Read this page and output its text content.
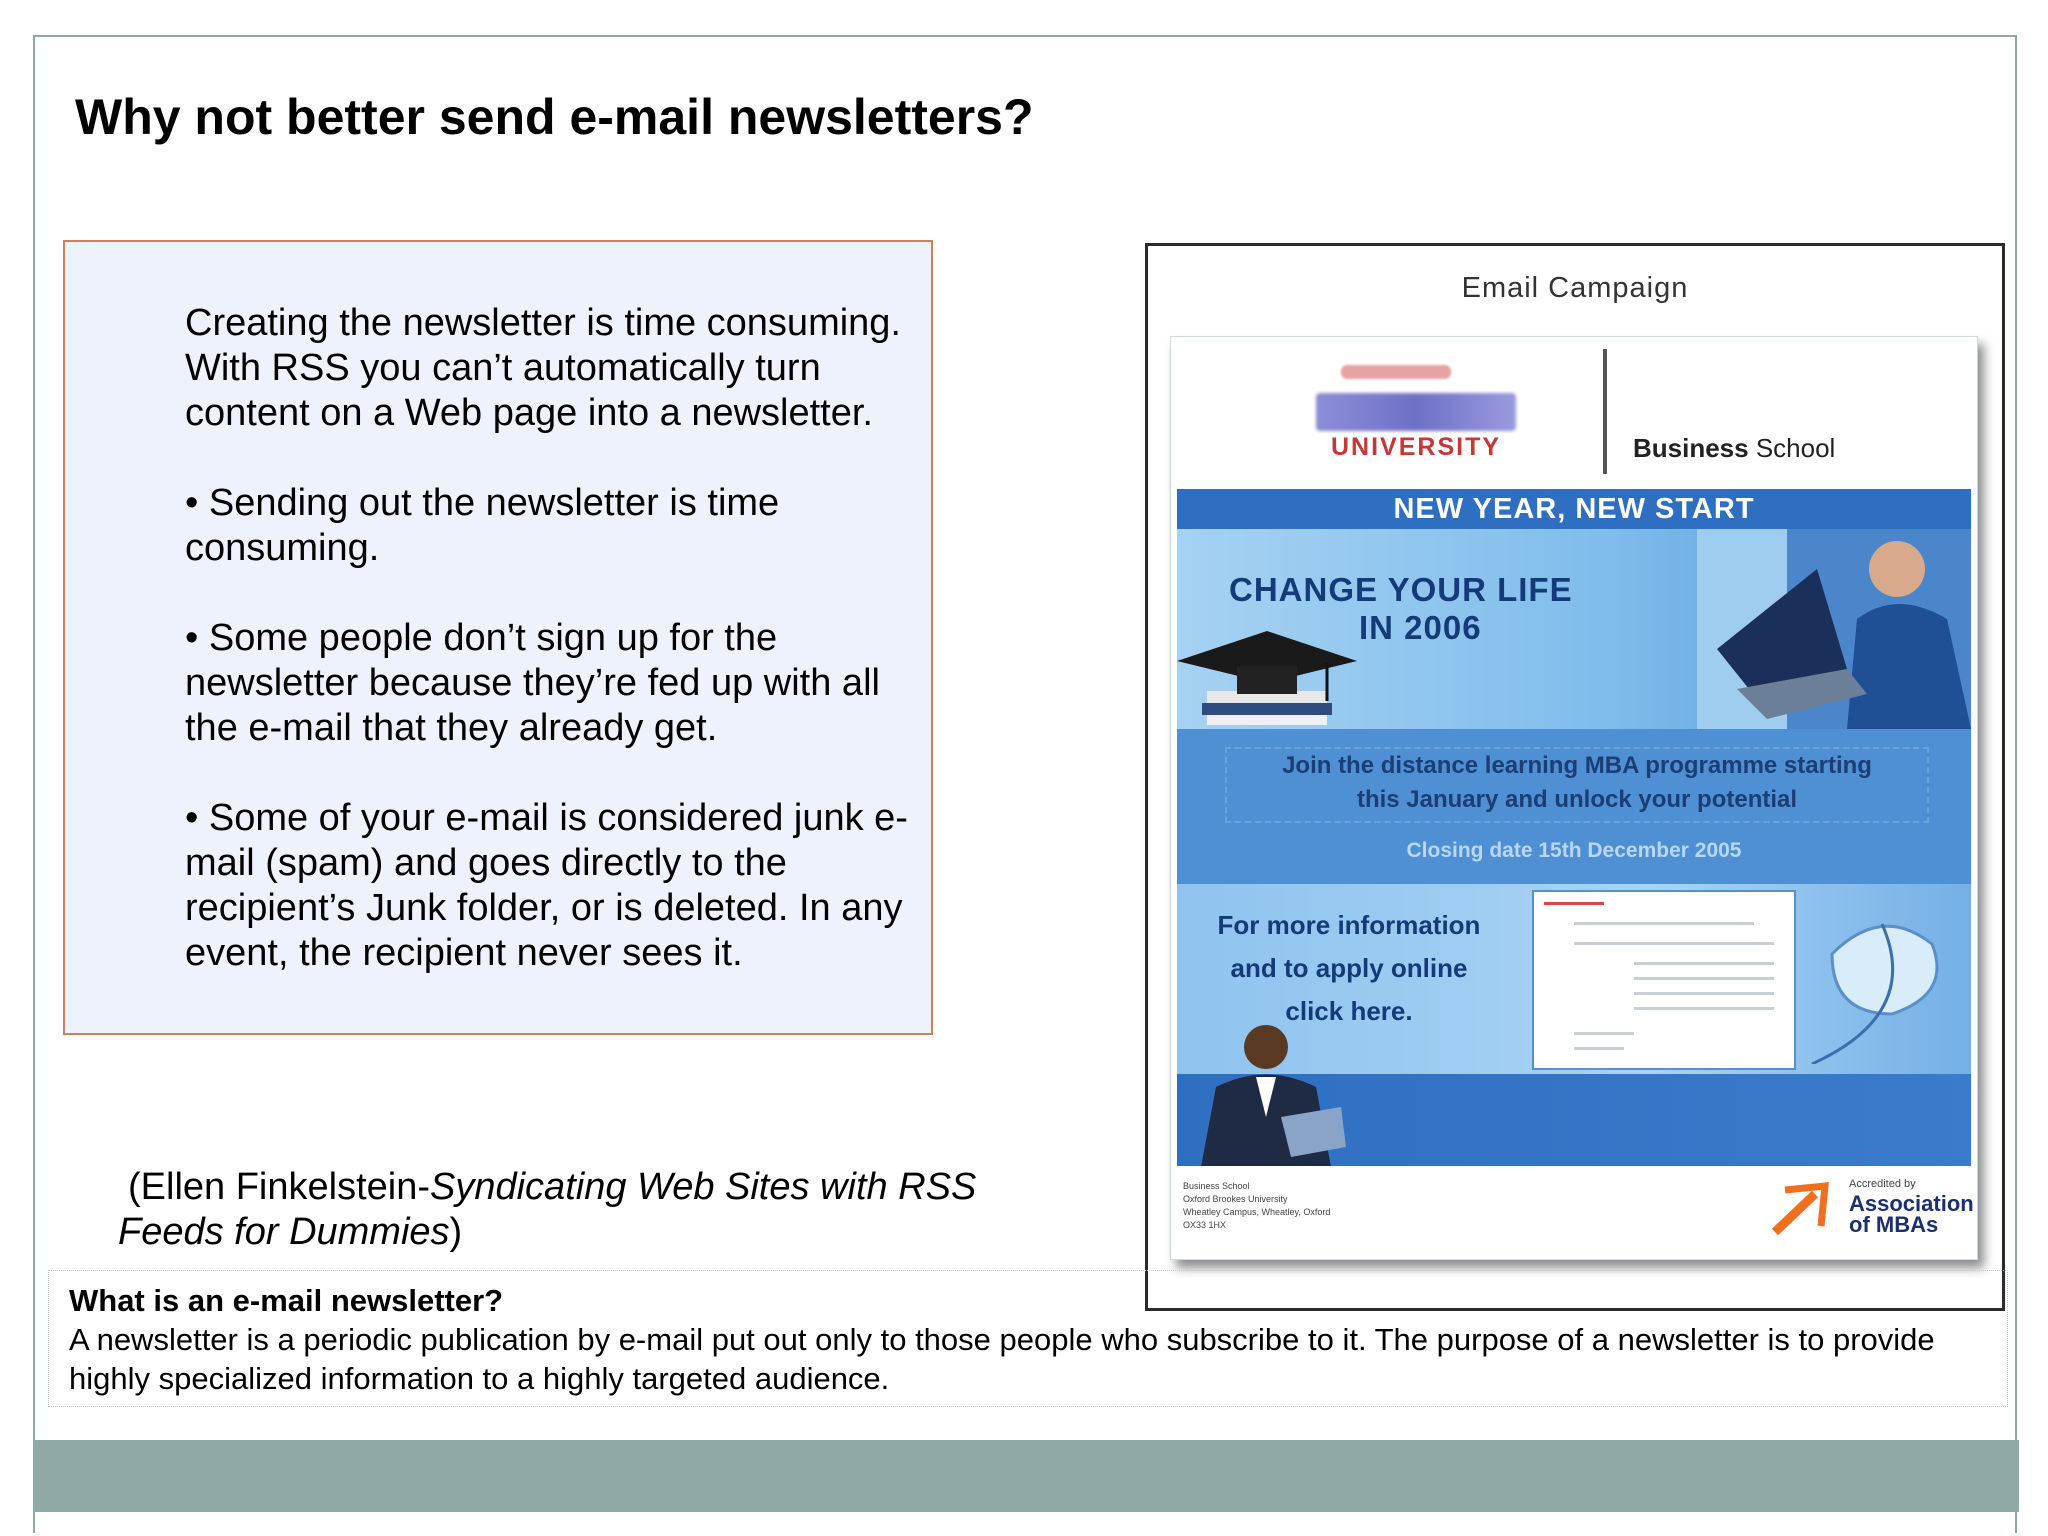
Why not better send e-mail newsletters?

Creating the newsletter is time consuming. With RSS you can’t automatically turn content on a Web page into a newsletter.

• Sending out the newsletter is time consuming.

• Some people don’t sign up for the newsletter because they’re fed up with all the e-mail that they already get.

• Some of your e-mail is considered junk e-mail (spam) and goes directly to the recipient’s Junk folder, or is deleted. In any event, the recipient never sees it.

(Ellen Finkelstein-Syndicating Web Sites with RSS
Feeds for Dummies)
Email Campaign
UNIVERSITY	Business School
NEW YEAR, NEW START
CHANGE YOUR LIFE
IN 2006
Join the distance learning MBA programme starting
this January and unlock your potential
Closing date 15th December 2005
For more information
and to apply online
click here.
Business School
Oxford Brookes University
Wheatley Campus, Wheatley, Oxford
OX33 1HX
Accredited by
Association
of MBAs
What is an e-mail newsletter?
A newsletter is a periodic publication by e-mail put out only to those people who subscribe to it. The purpose of a newsletter is to provide highly specialized information to a highly targeted audience.
